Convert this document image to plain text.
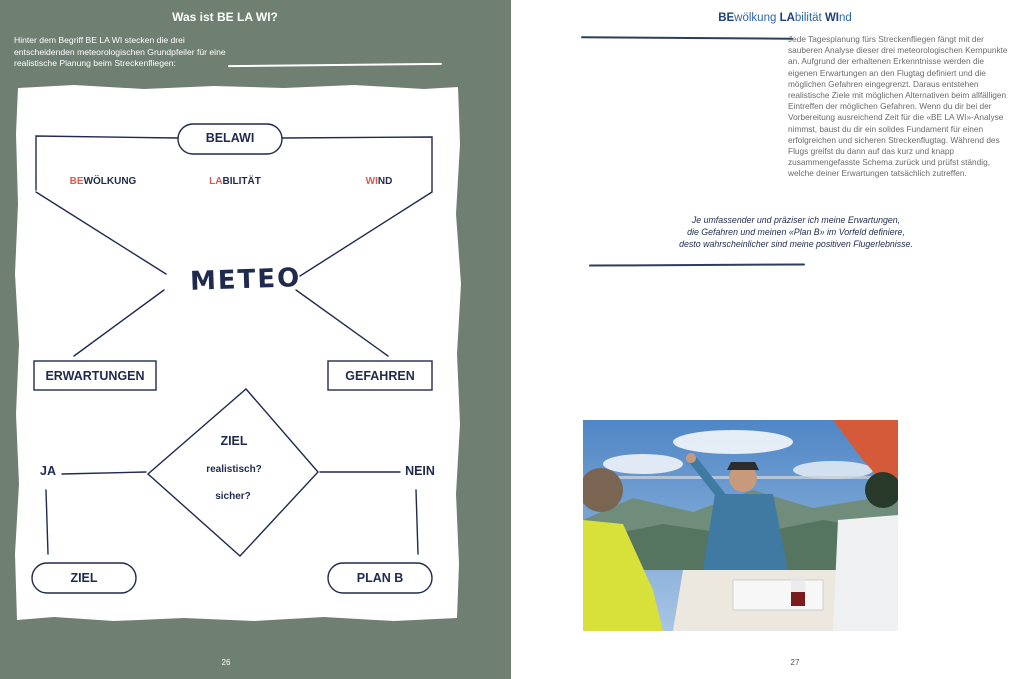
Was ist BE LA WI?
Hinter dem Begriff BE LA WI stecken die drei entscheidenden meteorologischen Grundpfeiler für eine realistische Planung beim Streckenfliegen:
BELAWI
BEWÖLKUNG	LABILITÄT	WIND
METEO
ERWARTUNGEN	GEFAHREN
ZIEL
realistisch?
sicher?
JA	NEIN
ZIEL	PLAN B
26
BEwölkung LAbilität WInd
Jede Tagesplanung fürs Streckenfliegen fängt mit der sauberen Analyse dieser drei meteorologischen Kernpunkte an. Aufgrund der erhaltenen Erkenntnisse werden die eigenen Erwartungen an den Flugtag definiert und die möglichen Gefahren eingegrenzt. Daraus entstehen realistische Ziele mit möglichen Alternativen beim allfälligen Eintreffen der möglichen Gefahren. Wenn du dir bei der Vorbereitung ausreichend Zeit für die «BE LA WI»-Analyse nimmst, baust du dir ein solides Fundament für einen erfolgreichen und sicheren Streckenflugtag. Während des Flugs greifst du dann auf das kurz und knapp zusammengefasste Schema zurück und prüfst ständig, welche deiner Erwartungen tatsächlich zutreffen.
Je umfassender und präziser ich meine Erwartungen,
die Gefahren und meinen «Plan B» im Vorfeld definiere,
desto wahrscheinlicher sind meine positiven Flugerlebnisse.
27
